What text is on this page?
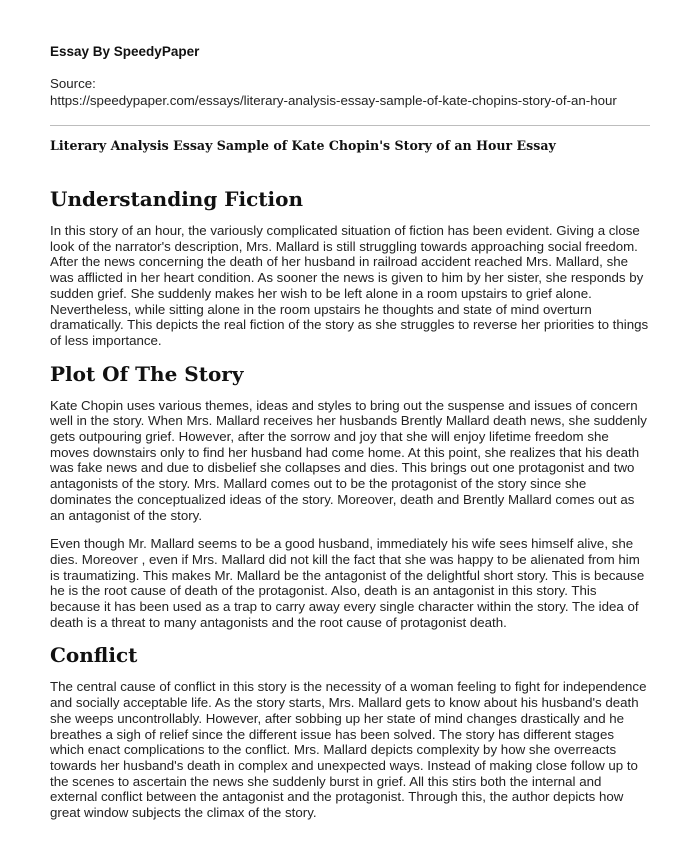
Essay By SpeedyPaper

Source:

https://speedypaper.com/essays/literary-analysis-essay-sample-of-kate-chopins-story-of-an-hour

Literary Analysis Essay Sample of Kate Chopin's Story of an Hour Essay
Understanding Fiction

In this story of an hour, the variously complicated situation of fiction has been evident. Giving a close look of the narrator's description, Mrs. Mallard is still struggling towards approaching social freedom. After the news concerning the death of her husband in railroad accident reached Mrs. Mallard, she was afflicted in her heart condition. As sooner the news is given to him by her sister, she responds by sudden grief. She suddenly makes her wish to be left alone in a room upstairs to grief alone. Nevertheless, while sitting alone in the room upstairs he thoughts and state of mind overturn dramatically. This depicts the real fiction of the story as she struggles to reverse her priorities to things of less importance.

Plot Of The Story

Kate Chopin uses various themes, ideas and styles to bring out the suspense and issues of concern well in the story. When Mrs. Mallard receives her husbands Brently Mallard death news, she suddenly gets outpouring grief. However, after the sorrow and joy that she will enjoy lifetime freedom she moves downstairs only to find her husband had come home. At this point, she realizes that his death was fake news and due to disbelief she collapses and dies. This brings out one protagonist and two antagonists of the story. Mrs. Mallard comes out to be the protagonist of the story since she dominates the conceptualized ideas of the story. Moreover, death and Brently Mallard comes out as an antagonist of the story.

Even though Mr. Mallard seems to be a good husband, immediately his wife sees himself alive, she dies. Moreover , even if Mrs. Mallard did not kill the fact that she was happy to be alienated from him is traumatizing. This makes Mr. Mallard be the antagonist of the delightful short story. This is because he is the root cause of death of the protagonist. Also, death is an antagonist in this story. This because it has been used as a trap to carry away every single character within the story. The idea of death is a threat to many antagonists and the root cause of protagonist death.

Conflict

The central cause of conflict in this story is the necessity of a woman feeling to fight for independence and socially acceptable life. As the story starts, Mrs. Mallard gets to know about his husband's death she weeps uncontrollably. However, after sobbing up her state of mind changes drastically and he breathes a sigh of relief since the different issue has been solved. The story has different stages which enact complications to the conflict. Mrs. Mallard depicts complexity by how she overreacts towards her husband's death in complex and unexpected ways. Instead of making close follow up to the scenes to ascertain the news she suddenly burst in grief. All this stirs both the internal and external conflict between the antagonist and the protagonist. Through this, the author depicts how great window subjects the climax of the story.
